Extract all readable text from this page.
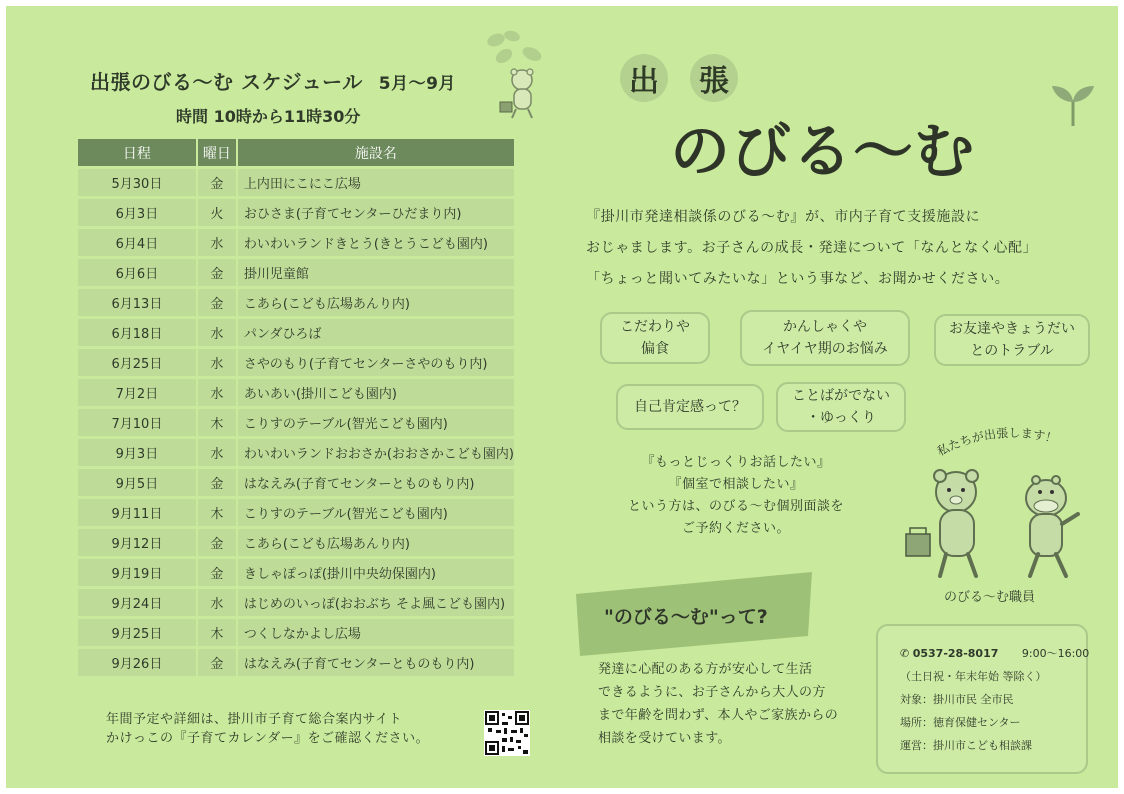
出張のびる〜む スケジュール 5月〜9月
時間 10時から11時30分
日程	曜日	施設名
5月30日	金	上内田にこにこ広場
6月3日	火	おひさま(子育てセンターひだまり内)
6月4日	水	わいわいランドきとう(きとうこども園内)
6月6日	金	掛川児童館
6月13日	金	こあら(こども広場あんり内)
6月18日	水	パンダひろば
6月25日	水	さやのもり(子育てセンターさやのもり内)
7月2日	水	あいあい(掛川こども園内)
7月10日	木	こりすのテーブル(智光こども園内)
9月3日	水	わいわいランドおおさか(おおさかこども園内)
9月5日	金	はなえみ(子育てセンターとものもり内)
9月11日	木	こりすのテーブル(智光こども園内)
9月12日	金	こあら(こども広場あんり内)
9月19日	金	きしゃぽっぽ(掛川中央幼保園内)
9月24日	水	はじめのいっぽ(おおぶち そよ風こども園内)
9月25日	木	つくしなかよし広場
9月26日	金	はなえみ(子育てセンターとものもり内)
年間予定や詳細は、掛川市子育て総合案内サイト
かけっこの『子育てカレンダー』をご確認ください。
出	張
のびる〜む
『掛川市発達相談係のびる〜む』が、市内子育て支援施設に
おじゃまします。お子さんの成長・発達について「なんとなく心配」
「ちょっと聞いてみたいな」という事など、お聞かせください。
こだわりや
偏食
かんしゃくや
イヤイヤ期のお悩み
お友達やきょうだい
とのトラブル
自己肯定感って？
ことばがでない
・ゆっくり
『もっとじっくりお話したい』
『個室で相談したい』
という方は、のびる〜む個別面談を
ご予約ください。
私たちが出張します！
のびる〜む職員
"のびる〜む"って?
発達に心配のある方が安心して生活
できるように、お子さんから大人の方
まで年齢を問わず、本人やご家族からの
相談を受けています。
✆ 0537-28-8017 9:00〜16:00
（土日祝・年末年始 等除く）
対象：掛川市民 全市民
場所：徳育保健センター
運営：掛川市こども相談課
